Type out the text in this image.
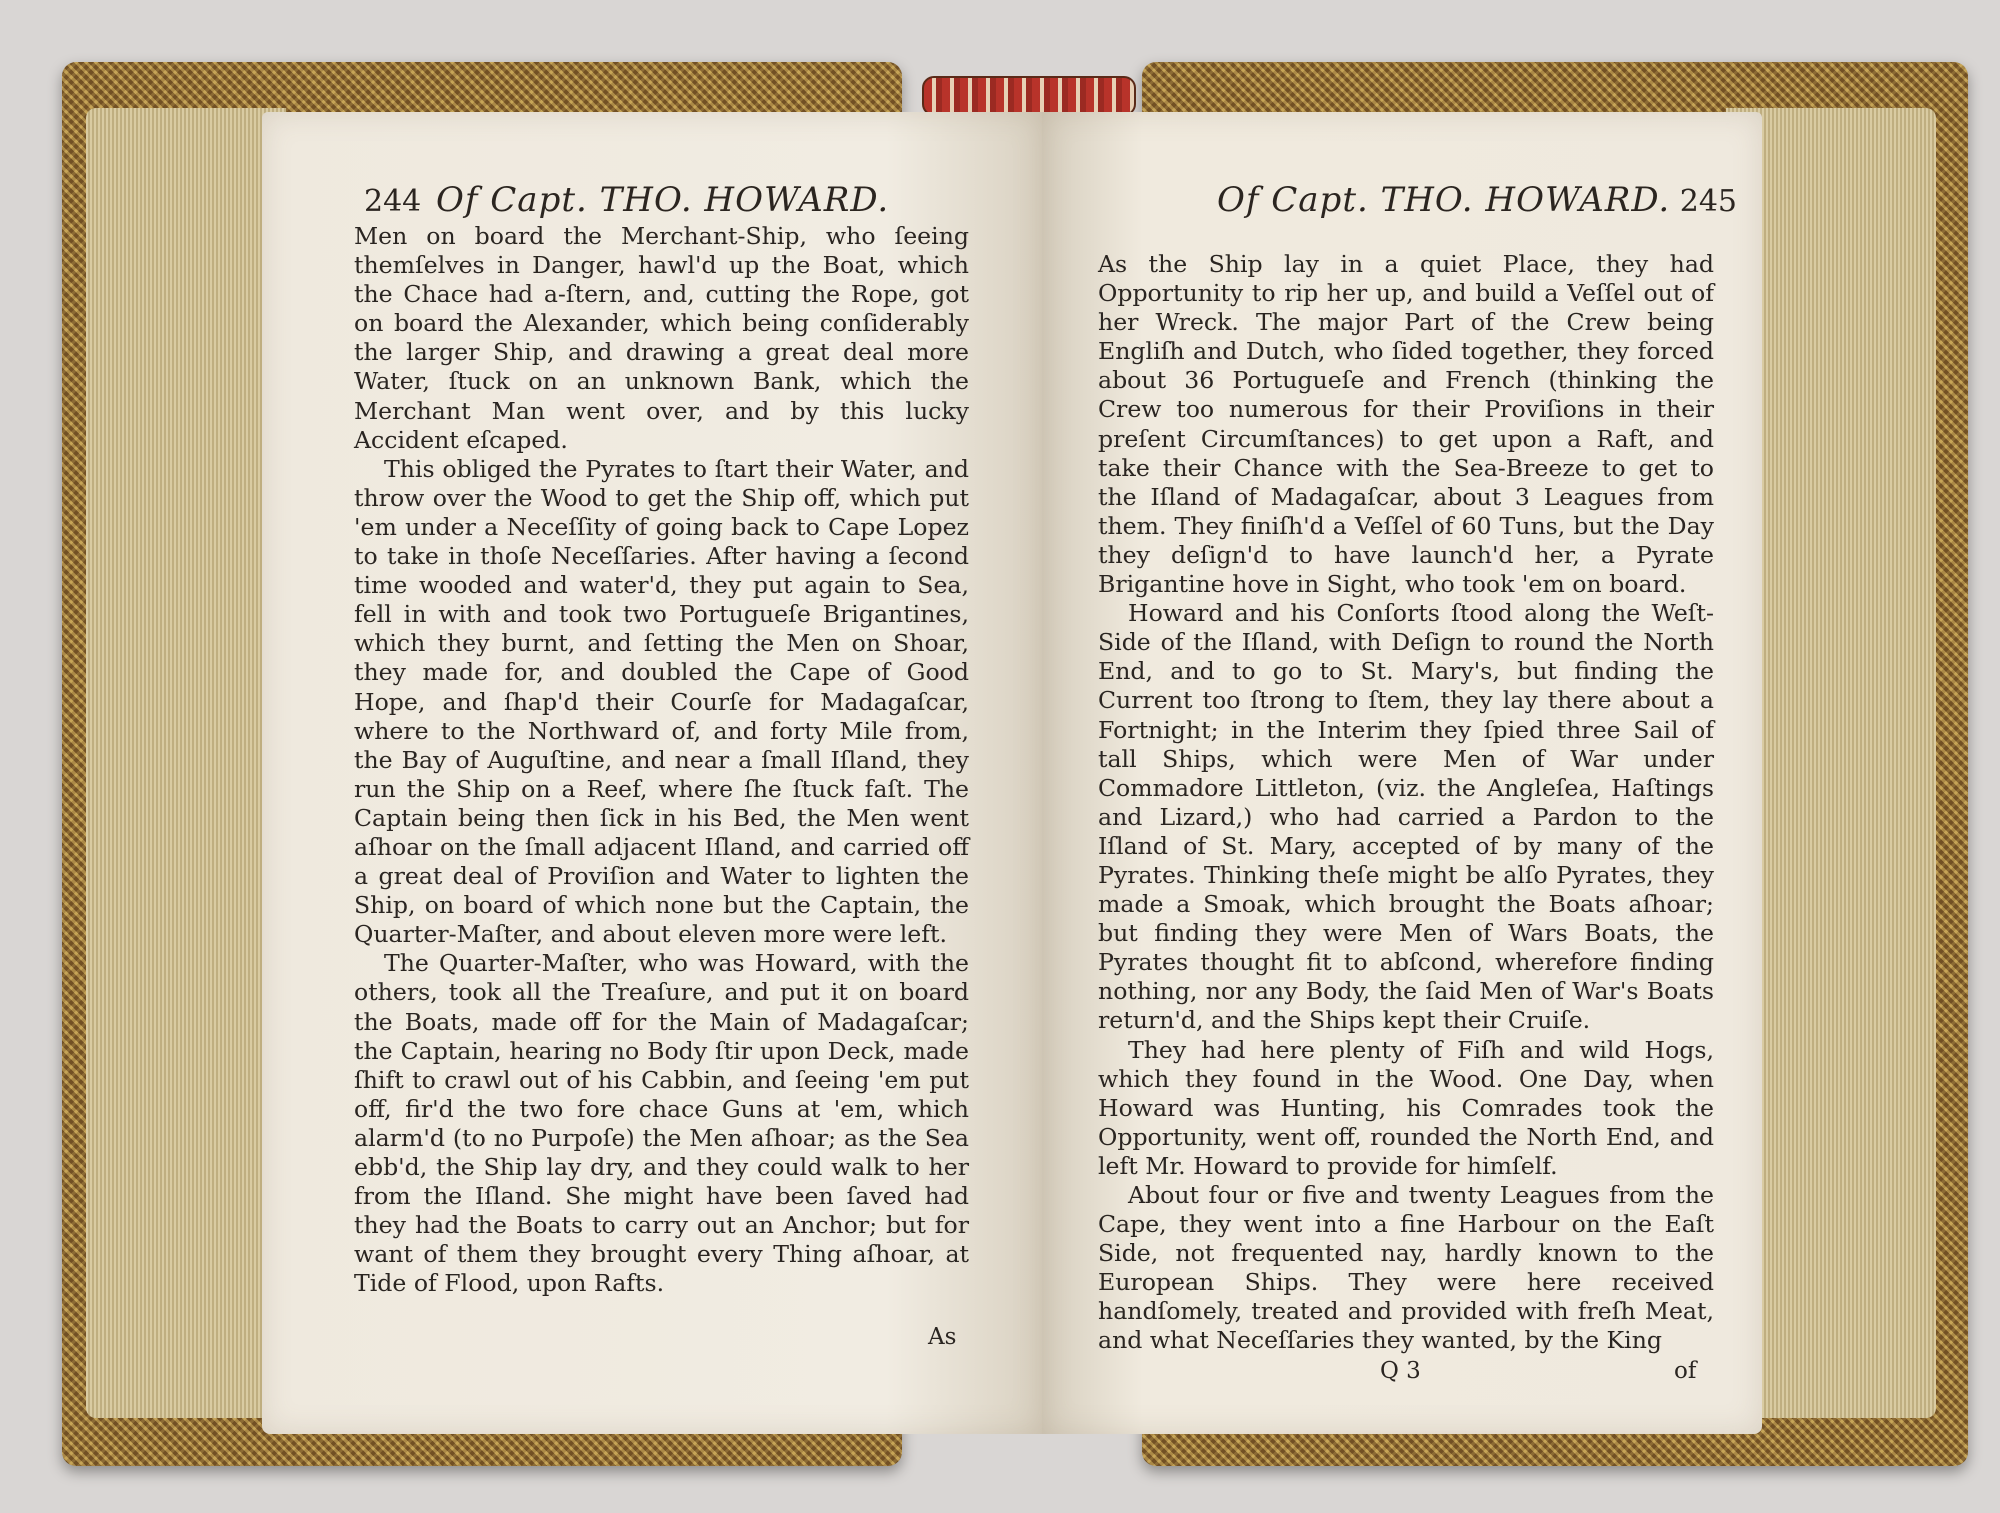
244 Of Capt. THO. HOWARD.	Of Capt. THO. HOWARD. 245

Men on board the Merchant-Ship, who ſeeing themſelves in Danger, hawl'd up the Boat, which the Chace had a-ſtern, and, cutting the Rope, got on board the Alexander, which being conſiderably the larger Ship, and drawing a great deal more Water, ſtuck on an unknown Bank, which the Merchant Man went over, and by this lucky Accident eſcaped.

This obliged the Pyrates to ſtart their Water, and throw over the Wood to get the Ship off, which put 'em under a Neceſſity of going back to Cape Lopez to take in thoſe Neceſſaries. After having a ſecond time wooded and water'd, they put again to Sea, fell in with and took two Portugueſe Brigantines, which they burnt, and ſetting the Men on Shoar, they made for, and doubled the Cape of Good Hope, and ſhap'd their Courſe for Madagaſcar, where to the Northward of, and forty Mile from, the Bay of Auguſtine, and near a ſmall Iſland, they run the Ship on a Reef, where ſhe ſtuck faſt. The Captain being then ſick in his Bed, the Men went aſhoar on the ſmall adjacent Iſland, and carried off a great deal of Proviſion and Water to lighten the Ship, on board of which none but the Captain, the Quarter-Maſter, and about eleven more were left.

The Quarter-Maſter, who was Howard, with the others, took all the Treaſure, and put it on board the Boats, made off for the Main of Madagaſcar; the Captain, hearing no Body ſtir upon Deck, made ſhift to crawl out of his Cabbin, and ſeeing 'em put off, fir'd the two fore chace Guns at 'em, which alarm'd (to no Purpoſe) the Men aſhoar; as the Sea ebb'd, the Ship lay dry, and they could walk to her from the Iſland. She might have been ſaved had they had the Boats to carry out an Anchor; but for want of them they brought every Thing aſhoar, at Tide of Flood, upon Rafts.

As

As the Ship lay in a quiet Place, they had Opportunity to rip her up, and build a Veſſel out of her Wreck. The major Part of the Crew being Engliſh and Dutch, who ſided together, they forced about 36 Portugueſe and French (thinking the Crew too numerous for their Proviſions in their preſent Circumſtances) to get upon a Raft, and take their Chance with the Sea-Breeze to get to the Iſland of Madagaſcar, about 3 Leagues from them. They finiſh'd a Veſſel of 60 Tuns, but the Day they deſign'd to have launch'd her, a Pyrate Brigantine hove in Sight, who took 'em on board.

Howard and his Conſorts ſtood along the Weſt-Side of the Iſland, with Deſign to round the North End, and to go to St. Mary's, but finding the Current too ſtrong to ſtem, they lay there about a Fortnight; in the Interim they ſpied three Sail of tall Ships, which were Men of War under Commadore Littleton, (viz. the Angleſea, Haſtings and Lizard,) who had carried a Pardon to the Iſland of St. Mary, accepted of by many of the Pyrates. Thinking theſe might be alſo Pyrates, they made a Smoak, which brought the Boats aſhoar; but finding they were Men of Wars Boats, the Pyrates thought fit to abſcond, wherefore finding nothing, nor any Body, the ſaid Men of War's Boats return'd, and the Ships kept their Cruiſe.

They had here plenty of Fiſh and wild Hogs, which they found in the Wood. One Day, when Howard was Hunting, his Comrades took the Opportunity, went off, rounded the North End, and left Mr. Howard to provide for himſelf.

About four or five and twenty Leagues from the Cape, they went into a fine Harbour on the Eaſt Side, not frequented nay, hardly known to the European Ships. They were here received handſomely, treated and provided with freſh Meat, and what Neceſſaries they wanted, by the King

Q 3	of
